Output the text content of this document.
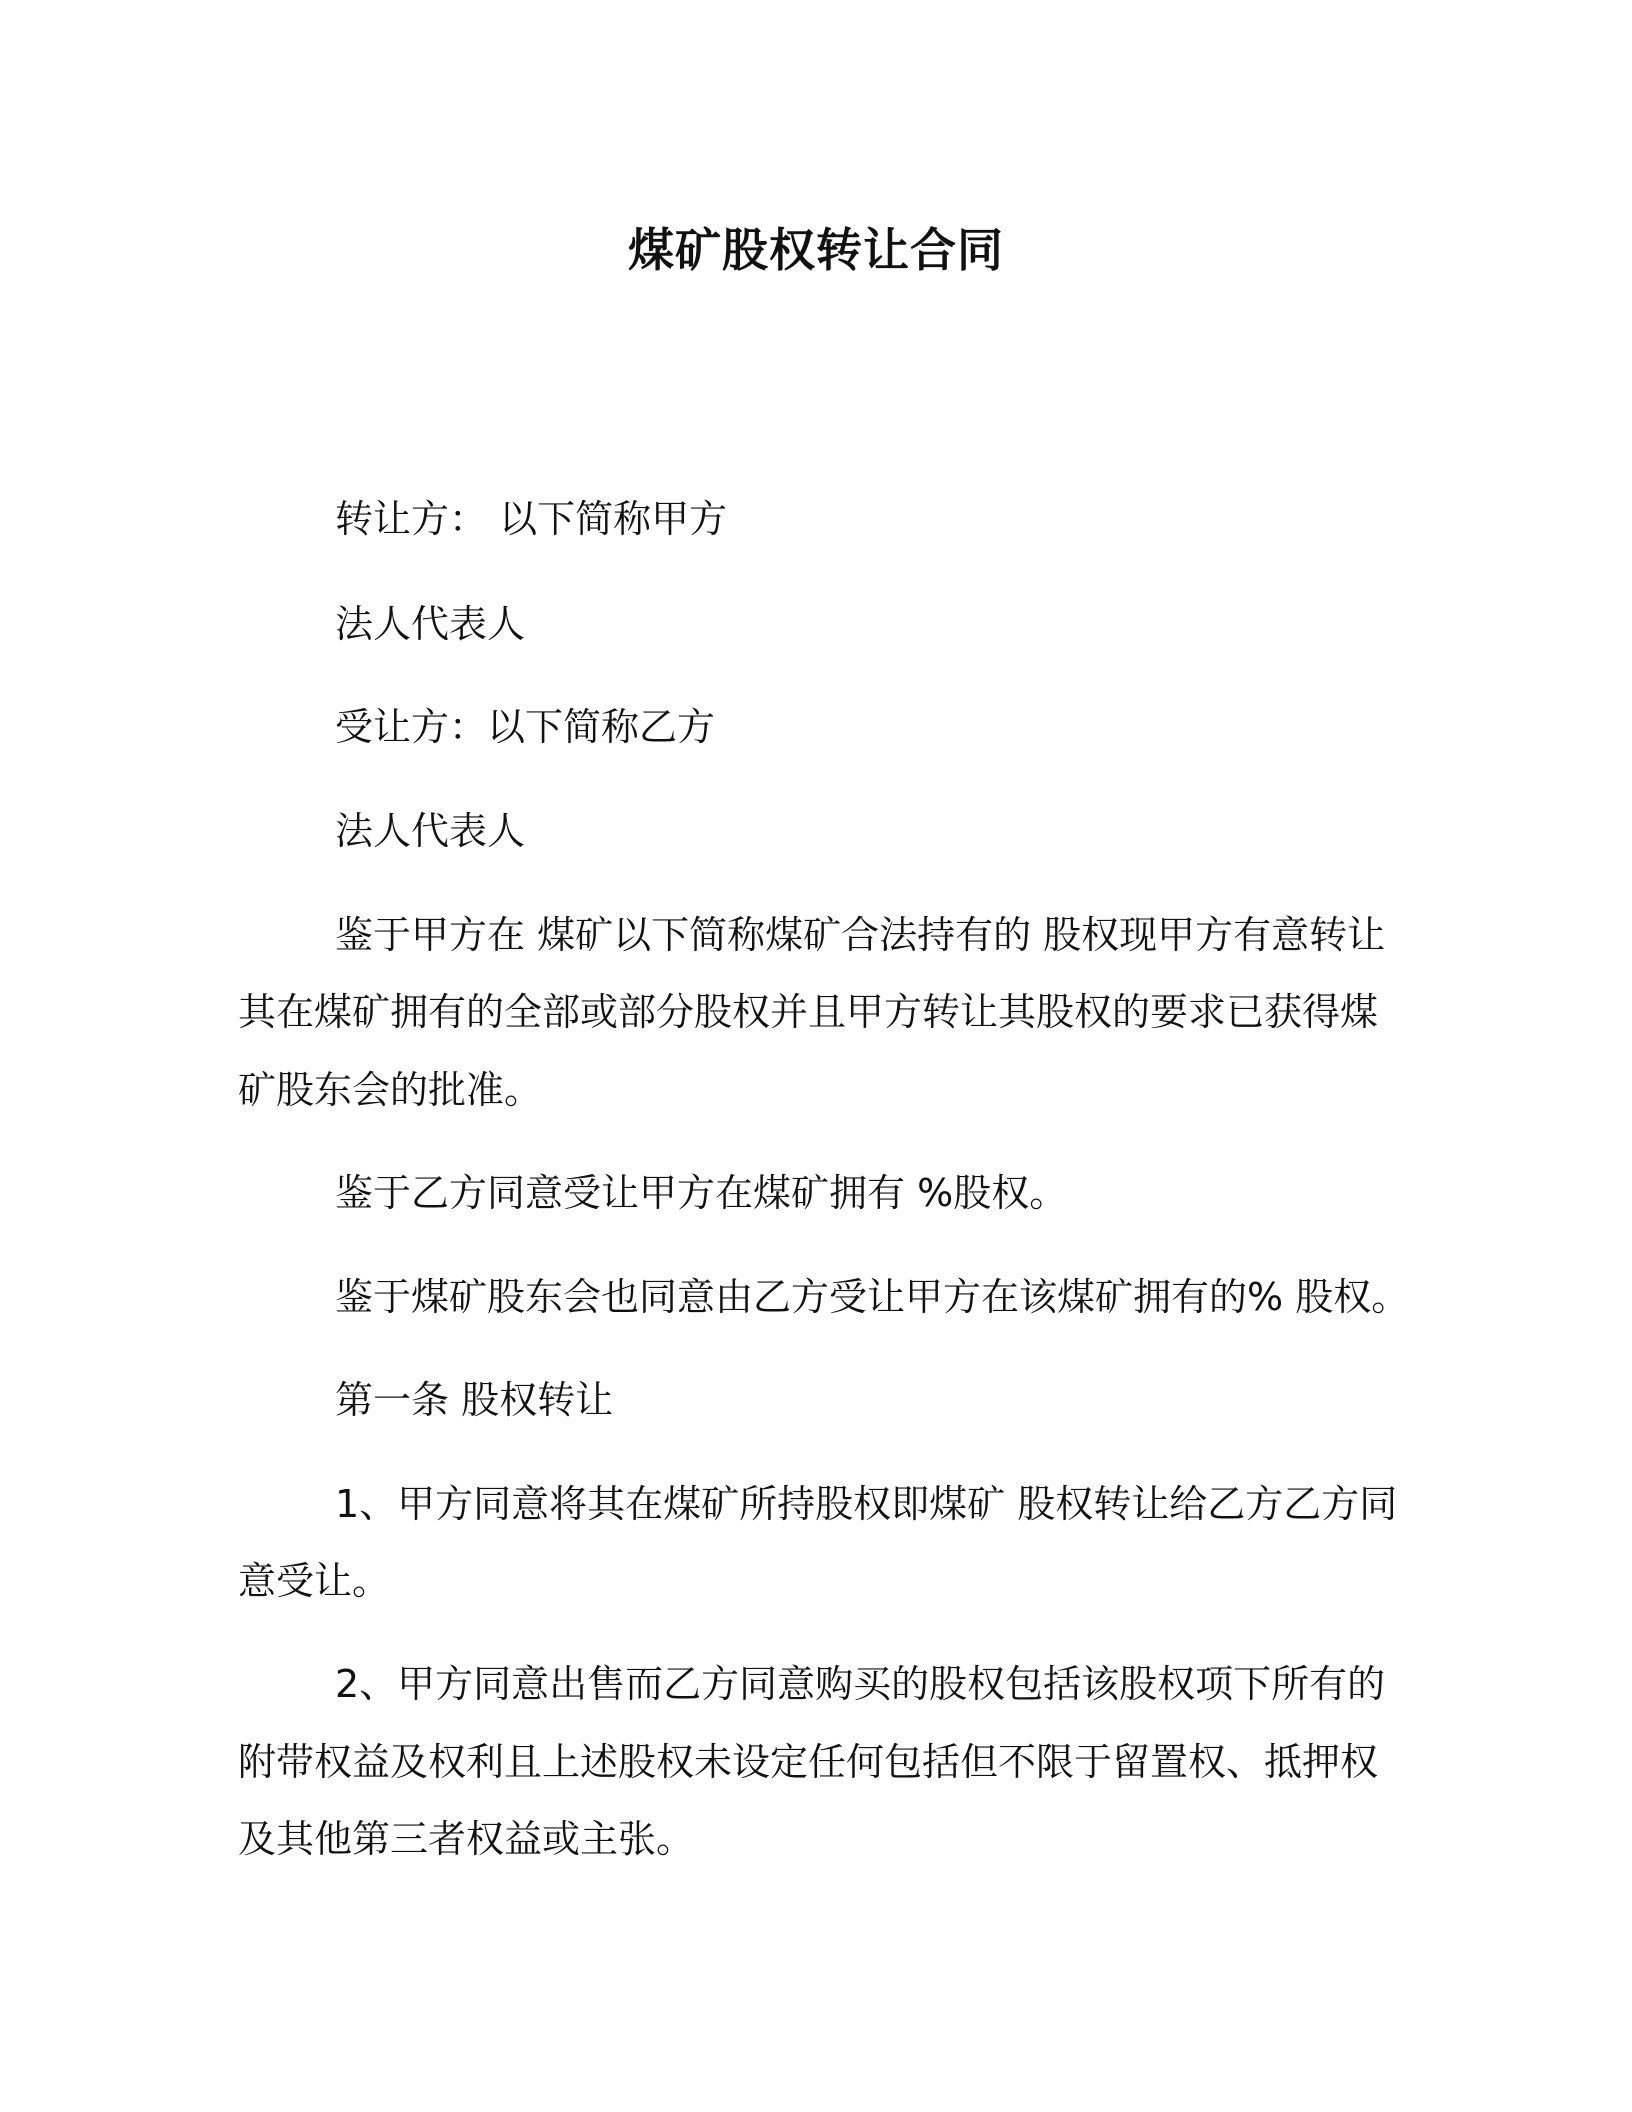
煤矿股权转让合同
转让方： 以下简称甲方
法人代表人
受让方：以下简称乙方
法人代表人
鉴于甲方在 煤矿以下简称煤矿合法持有的 股权现甲方有意转让
其在煤矿拥有的全部或部分股权并且甲方转让其股权的要求已获得煤
矿股东会的批准。
鉴于乙方同意受让甲方在煤矿拥有 %股权。
鉴于煤矿股东会也同意由乙方受让甲方在该煤矿拥有的% 股权。
第一条 股权转让
1、甲方同意将其在煤矿所持股权即煤矿 股权转让给乙方乙方同
意受让。
2、甲方同意出售而乙方同意购买的股权包括该股权项下所有的
附带权益及权利且上述股权未设定任何包括但不限于留置权、抵押权
及其他第三者权益或主张。
